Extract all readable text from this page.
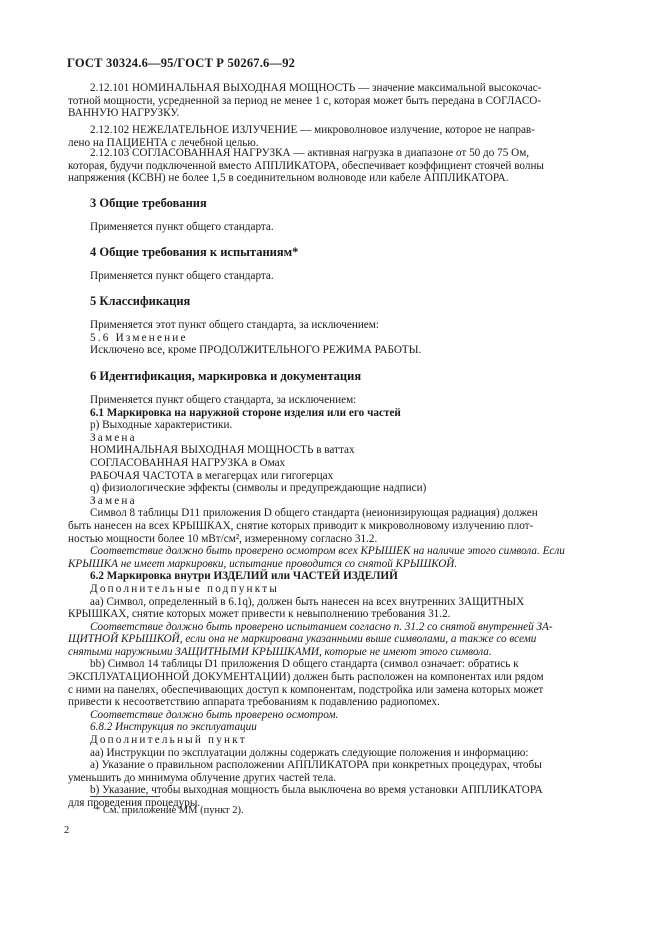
ГОСТ 30324.6—95/ГОСТ Р 50267.6—92

2.12.101 НОМИНАЛЬНАЯ ВЫХОДНАЯ МОЩНОСТЬ — значение максимальной высокочас-

тотной мощности, усредненной за период не менее 1 с, которая может быть передана в СОГЛАСО-

ВАННУЮ НАГРУЗКУ.

2.12.102 НЕЖЕЛАТЕЛЬНОЕ ИЗЛУЧЕНИЕ — микроволновое излучение, которое не направ-

лено на ПАЦИЕНТА с лечебной целью.

2.12.103 СОГЛАСОВАННАЯ НАГРУЗКА — активная нагрузка в диапазоне от 50 до 75 Ом,

которая, будучи подключенной вместо АППЛИКАТОРА, обеспечивает коэффициент стоячей волны

напряжения (КСВН) не более 1,5 в соединительном волноводе или кабеле АППЛИКАТОРА.

3 Общие требования
Применяется пункт общего стандарта.
4 Общие требования к испытаниям*
Применяется пункт общего стандарта.
5 Классификация

Применяется этот пункт общего стандарта, за исключением:

5.6 Изменение

Исключено все, кроме ПРОДОЛЖИТЕЛЬНОГО РЕЖИМА РАБОТЫ.

6 Идентификация, маркировка и документация

Применяется пункт общего стандарта, за исключением:

6.1 Маркировка на наружной стороне изделия или его частей

р) Выходные характеристики.

Замена

НОМИНАЛЬНАЯ ВЫХОДНАЯ МОЩНОСТЬ в ваттах

СОГЛАСОВАННАЯ НАГРУЗКА в Омах

РАБОЧАЯ ЧАСТОТА в мегагерцах или гигогерцах

q) физиологические эффекты (символы и предупреждающие надписи)

Замена

Символ 8 таблицы D11 приложения D общего стандарта (неионизирующая радиация) должен

быть нанесен на всех КРЫШКАХ, снятие которых приводит к микроволновому излучению плот-

ностью мощности более 10 мВт/см², измеренному согласно 31.2.

Соответствие должно быть проверено осмотром всех КРЫШЕК на наличие этого символа. Если

КРЫШКА не имеет маркировки, испытание проводится со снятой КРЫШКОЙ.

6.2 Маркировка внутри ИЗДЕЛИЙ или ЧАСТЕЙ ИЗДЕЛИЙ

Дополнительные подпункты

аа) Символ, определенный в 6.1q), должен быть нанесен на всех внутренних ЗАЩИТНЫХ

КРЫШКАХ, снятие которых может привести к невыполнению требования 31.2.

Соответствие должно быть проверено испытанием согласно п. 31.2 со снятой внутренней ЗА-

ЩИТНОЙ КРЫШКОЙ, если она не маркирована указанными выше символами, а также со всеми

снятыми наружными ЗАЩИТНЫМИ КРЫШКАМИ, которые не имеют этого символа.

bb) Символ 14 таблицы D1 приложения D общего стандарта (символ означает: обратись к

ЭКСПЛУАТАЦИОННОЙ ДОКУМЕНТАЦИИ) должен быть расположен на компонентах или рядом

с ними на панелях, обеспечивающих доступ к компонентам, подстройка или замена которых может

привести к несоответствию аппарата требованиям к подавлению радиопомех.

Соответствие должно быть проверено осмотром.

6.8.2 Инструкция по эксплуатации

Дополнительный пункт

аа) Инструкции по эксплуатации должны содержать следующие положения и информацию:

а) Указание о правильном расположении АППЛИКАТОРА при конкретных процедурах, чтобы

уменьшить до минимума облучение других частей тела.

b) Указание, чтобы выходная мощность была выключена во время установки АППЛИКАТОРА

для проведения процедуры.

* См. приложение ММ (пункт 2).
2
